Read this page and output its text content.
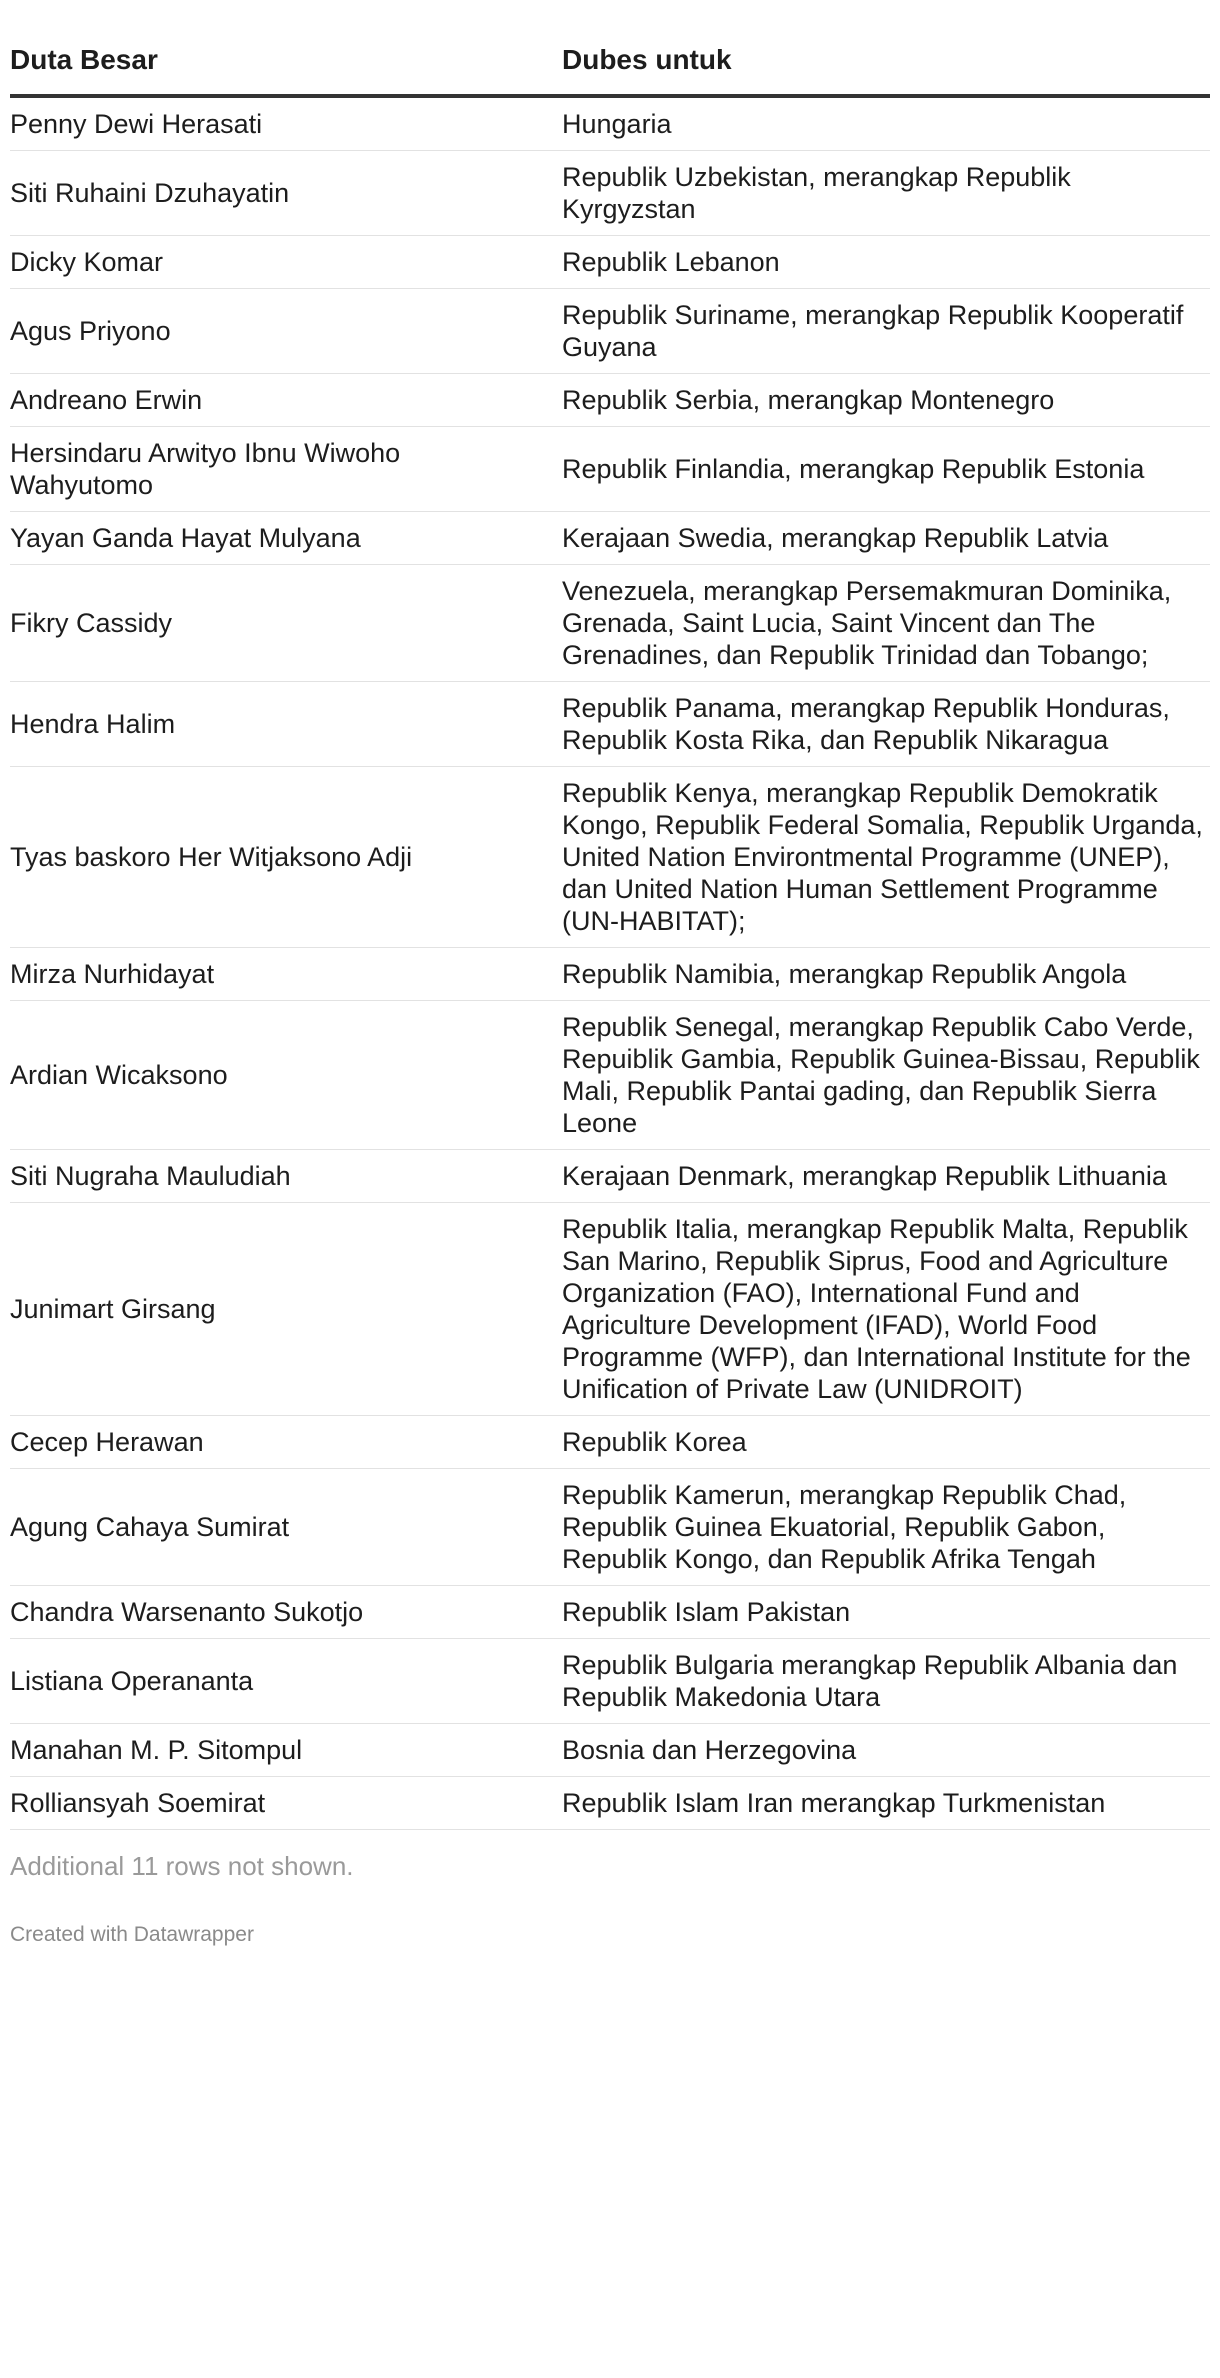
Duta Besar	Dubes untuk
Penny Dewi Herasati	Hungaria
Siti Ruhaini Dzuhayatin	Republik Uzbekistan, merangkap Republik Kyrgyzstan
Dicky Komar	Republik Lebanon
Agus Priyono	Republik Suriname, merangkap Republik Kooperatif Guyana
Andreano Erwin	Republik Serbia, merangkap Montenegro
Hersindaru Arwityo Ibnu Wiwoho Wahyutomo	Republik Finlandia, merangkap Republik Estonia
Yayan Ganda Hayat Mulyana	Kerajaan Swedia, merangkap Republik Latvia
Fikry Cassidy	Venezuela, merangkap Persemakmuran Dominika, Grenada, Saint Lucia, Saint Vincent dan The Grenadines, dan Republik Trinidad dan Tobango;
Hendra Halim	Republik Panama, merangkap Republik Honduras, Republik Kosta Rika, dan Republik Nikaragua
Tyas baskoro Her Witjaksono Adji	Republik Kenya, merangkap Republik Demokratik Kongo, Republik Federal Somalia, Republik Urganda, United Nation Environtmental Programme (UNEP), dan United Nation Human Settlement Programme (UN-HABITAT);
Mirza Nurhidayat	Republik Namibia, merangkap Republik Angola
Ardian Wicaksono	Republik Senegal, merangkap Republik Cabo Verde, Repuiblik Gambia, Republik Guinea-Bissau, Republik Mali, Republik Pantai gading, dan Republik Sierra Leone
Siti Nugraha Mauludiah	Kerajaan Denmark, merangkap Republik Lithuania
Junimart Girsang	Republik Italia, merangkap Republik Malta, Republik San Marino, Republik Siprus, Food and Agriculture Organization (FAO), International Fund and Agriculture Development (IFAD), World Food Programme (WFP), dan International Institute for the Unification of Private Law (UNIDROIT)
Cecep Herawan	Republik Korea
Agung Cahaya Sumirat	Republik Kamerun, merangkap Republik Chad, Republik Guinea Ekuatorial, Republik Gabon, Republik Kongo, dan Republik Afrika Tengah
Chandra Warsenanto Sukotjo	Republik Islam Pakistan
Listiana Operananta	Republik Bulgaria merangkap Republik Albania dan Republik Makedonia Utara
Manahan M. P. Sitompul	Bosnia dan Herzegovina
Rolliansyah Soemirat	Republik Islam Iran merangkap Turkmenistan
Additional 11 rows not shown.
Created with Datawrapper
